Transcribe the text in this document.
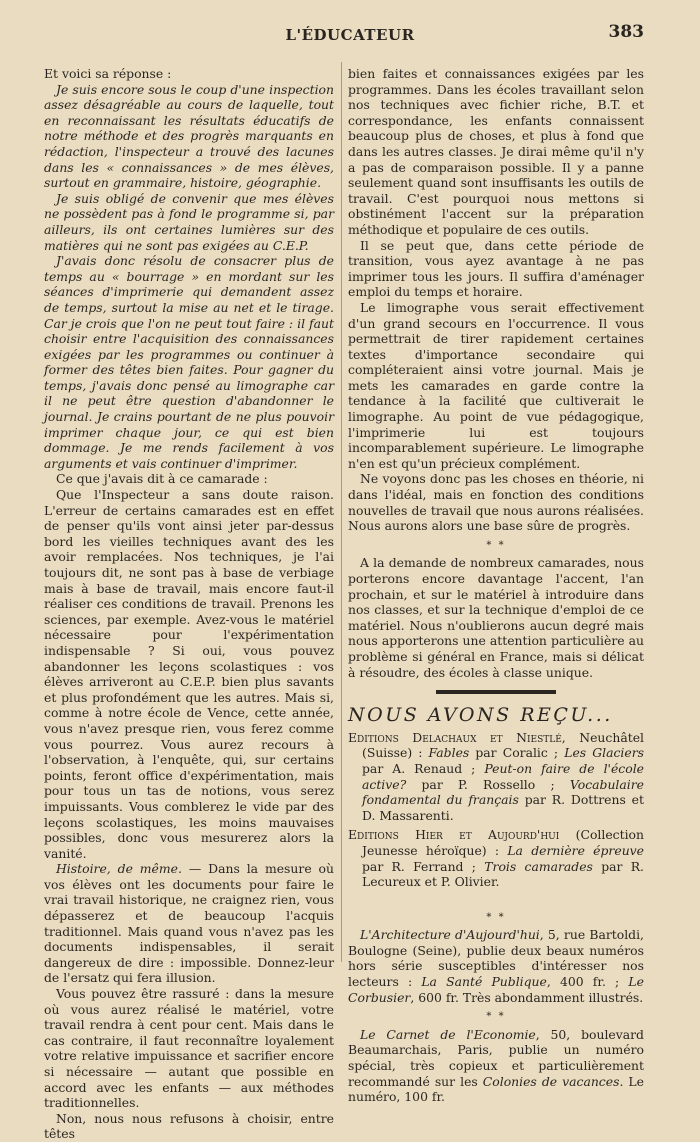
L'ÉDUCATEUR	383

Et voici sa réponse :

Je suis encore sous le coup d'une inspection assez désagréable au cours de laquelle, tout en reconnaissant les résultats éducatifs de notre méthode et des progrès marquants en rédaction, l'inspecteur a trouvé des lacunes dans les « connaissances » de mes élèves, surtout en grammaire, histoire, géographie.

Je suis obligé de convenir que mes élèves ne possèdent pas à fond le programme si, par ailleurs, ils ont certaines lumières sur des matières qui ne sont pas exigées au C.E.P.

J'avais donc résolu de consacrer plus de temps au « bourrage » en mordant sur les séances d'imprimerie qui demandent assez de temps, surtout la mise au net et le tirage. Car je crois que l'on ne peut tout faire : il faut choisir entre l'acquisition des connaissances exigées par les programmes ou continuer à former des têtes bien faites. Pour gagner du temps, j'avais donc pensé au limographe car il ne peut être question d'abandonner le journal. Je crains pourtant de ne plus pouvoir imprimer chaque jour, ce qui est bien dommage. Je me rends facilement à vos arguments et vais continuer d'imprimer.

Ce que j'avais dit à ce camarade :

Que l'Inspecteur a sans doute raison. L'erreur de certains camarades est en effet de penser qu'ils vont ainsi jeter par-dessus bord les vieilles techniques avant des les avoir remplacées. Nos techniques, je l'ai toujours dit, ne sont pas à base de verbiage mais à base de travail, mais encore faut-il réaliser ces conditions de travail. Prenons les sciences, par exemple. Avez-vous le matériel nécessaire pour l'expérimentation indispensable ? Si oui, vous pouvez abandonner les leçons scolastiques : vos élèves arriveront au C.E.P. bien plus savants et plus profondément que les autres. Mais si, comme à notre école de Vence, cette année, vous n'avez presque rien, vous ferez comme vous pourrez. Vous aurez recours à l'observation, à l'enquête, qui, sur certains points, feront office d'expérimentation, mais pour tous un tas de notions, vous serez impuissants. Vous comblerez le vide par des leçons scolastiques, les moins mauvaises possibles, donc vous mesurerez alors la vanité.

Histoire, de même. — Dans la mesure où vos élèves ont les documents pour faire le vrai travail historique, ne craignez rien, vous dépasserez et de beaucoup l'acquis traditionnel. Mais quand vous n'avez pas les documents indispensables, il serait dangereux de dire : impossible. Donnez-leur de l'ersatz qui fera illusion.

Vous pouvez être rassuré : dans la mesure où vous aurez réalisé le matériel, votre travail rendra à cent pour cent. Mais dans le cas contraire, il faut reconnaître loyalement votre relative impuissance et sacrifier encore si nécessaire — autant que possible en accord avec les enfants — aux méthodes traditionnelles.

Non, nous nous refusons à choisir, entre têtes

bien faites et connaissances exigées par les programmes. Dans les écoles travaillant selon nos techniques avec fichier riche, B.T. et correspondance, les enfants connaissent beaucoup plus de choses, et plus à fond que dans les autres classes. Je dirai même qu'il n'y a pas de comparaison possible. Il y a panne seulement quand sont insuffisants les outils de travail. C'est pourquoi nous mettons si obstinément l'accent sur la préparation méthodique et populaire de ces outils.

Il se peut que, dans cette période de transition, vous ayez avantage à ne pas imprimer tous les jours. Il suffira d'aménager emploi du temps et horaire.

Le limographe vous serait effectivement d'un grand secours en l'occurrence. Il vous permettrait de tirer rapidement certaines textes d'importance secondaire qui compléteraient ainsi votre journal. Mais je mets les camarades en garde contre la tendance à la facilité que cultiverait le limographe. Au point de vue pédagogique, l'imprimerie lui est toujours incomparablement supérieure. Le limographe n'en est qu'un précieux complément.

Ne voyons donc pas les choses en théorie, ni dans l'idéal, mais en fonction des conditions nouvelles de travail que nous aurons réalisées. Nous aurons alors une base sûre de progrès.

* *

A la demande de nombreux camarades, nous porterons encore davantage l'accent, l'an prochain, et sur le matériel à introduire dans nos classes, et sur la technique d'emploi de ce matériel. Nous n'oublierons aucun degré mais nous apporterons une attention particulière au problème si général en France, mais si délicat à résoudre, des écoles à classe unique.

NOUS AVONS REÇU...

Editions Delachaux et Niestlé, Neuchâtel (Suisse) : Fables par Coralic ; Les Glaciers par A. Renaud ; Peut-on faire de l'école active? par P. Rossello ; Vocabulaire fondamental du français par R. Dottrens et D. Massarenti.

Editions Hier et Aujourd'hui (Collection Jeunesse héroïque) : La dernière épreuve par R. Ferrand ; Trois camarades par R. Lecureux et P. Olivier.

* *

L'Architecture d'Aujourd'hui, 5, rue Bartoldi, Boulogne (Seine), publie deux beaux numéros hors série susceptibles d'intéresser nos lecteurs : La Santé Publique, 400 fr. ; Le Corbusier, 600 fr. Très abondamment illustrés.

* *

Le Carnet de l'Economie, 50, boulevard Beaumarchais, Paris, publie un numéro spécial, très copieux et particulièrement recommandé sur les Colonies de vacances. Le numéro, 100 fr.
